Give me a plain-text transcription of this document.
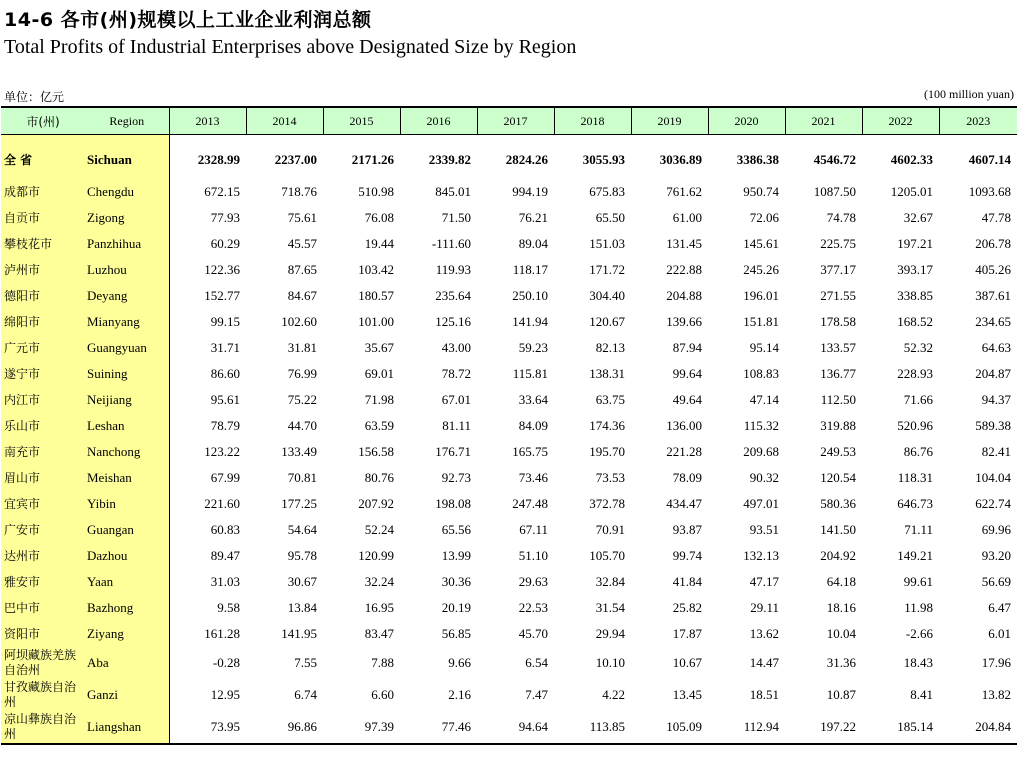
14-6 各市(州)规模以上工业企业利润总额
Total Profits of Industrial Enterprises above Designated Size by Region
单位：亿元	(100 million yuan)
市(州)	Region	2013	2014	2015	2016	2017	2018	2019	2020	2021	2022	2023
全 省	Sichuan	2328.99	2237.00	2171.26	2339.82	2824.26	3055.93	3036.89	3386.38	4546.72	4602.33	4607.14
成都市	Chengdu	672.15	718.76	510.98	845.01	994.19	675.83	761.62	950.74	1087.50	1205.01	1093.68
自贡市	Zigong	77.93	75.61	76.08	71.50	76.21	65.50	61.00	72.06	74.78	32.67	47.78
攀枝花市	Panzhihua	60.29	45.57	19.44	-111.60	89.04	151.03	131.45	145.61	225.75	197.21	206.78
泸州市	Luzhou	122.36	87.65	103.42	119.93	118.17	171.72	222.88	245.26	377.17	393.17	405.26
德阳市	Deyang	152.77	84.67	180.57	235.64	250.10	304.40	204.88	196.01	271.55	338.85	387.61
绵阳市	Mianyang	99.15	102.60	101.00	125.16	141.94	120.67	139.66	151.81	178.58	168.52	234.65
广元市	Guangyuan	31.71	31.81	35.67	43.00	59.23	82.13	87.94	95.14	133.57	52.32	64.63
遂宁市	Suining	86.60	76.99	69.01	78.72	115.81	138.31	99.64	108.83	136.77	228.93	204.87
内江市	Neijiang	95.61	75.22	71.98	67.01	33.64	63.75	49.64	47.14	112.50	71.66	94.37
乐山市	Leshan	78.79	44.70	63.59	81.11	84.09	174.36	136.00	115.32	319.88	520.96	589.38
南充市	Nanchong	123.22	133.49	156.58	176.71	165.75	195.70	221.28	209.68	249.53	86.76	82.41
眉山市	Meishan	67.99	70.81	80.76	92.73	73.46	73.53	78.09	90.32	120.54	118.31	104.04
宜宾市	Yibin	221.60	177.25	207.92	198.08	247.48	372.78	434.47	497.01	580.36	646.73	622.74
广安市	Guangan	60.83	54.64	52.24	65.56	67.11	70.91	93.87	93.51	141.50	71.11	69.96
达州市	Dazhou	89.47	95.78	120.99	13.99	51.10	105.70	99.74	132.13	204.92	149.21	93.20
雅安市	Yaan	31.03	30.67	32.24	30.36	29.63	32.84	41.84	47.17	64.18	99.61	56.69
巴中市	Bazhong	9.58	13.84	16.95	20.19	22.53	31.54	25.82	29.11	18.16	11.98	6.47
资阳市	Ziyang	161.28	141.95	83.47	56.85	45.70	29.94	17.87	13.62	10.04	-2.66	6.01
阿坝藏族羌族自治州	Aba	-0.28	7.55	7.88	9.66	6.54	10.10	10.67	14.47	31.36	18.43	17.96
甘孜藏族自治州	Ganzi	12.95	6.74	6.60	2.16	7.47	4.22	13.45	18.51	10.87	8.41	13.82
凉山彝族自治州	Liangshan	73.95	96.86	97.39	77.46	94.64	113.85	105.09	112.94	197.22	185.14	204.84
